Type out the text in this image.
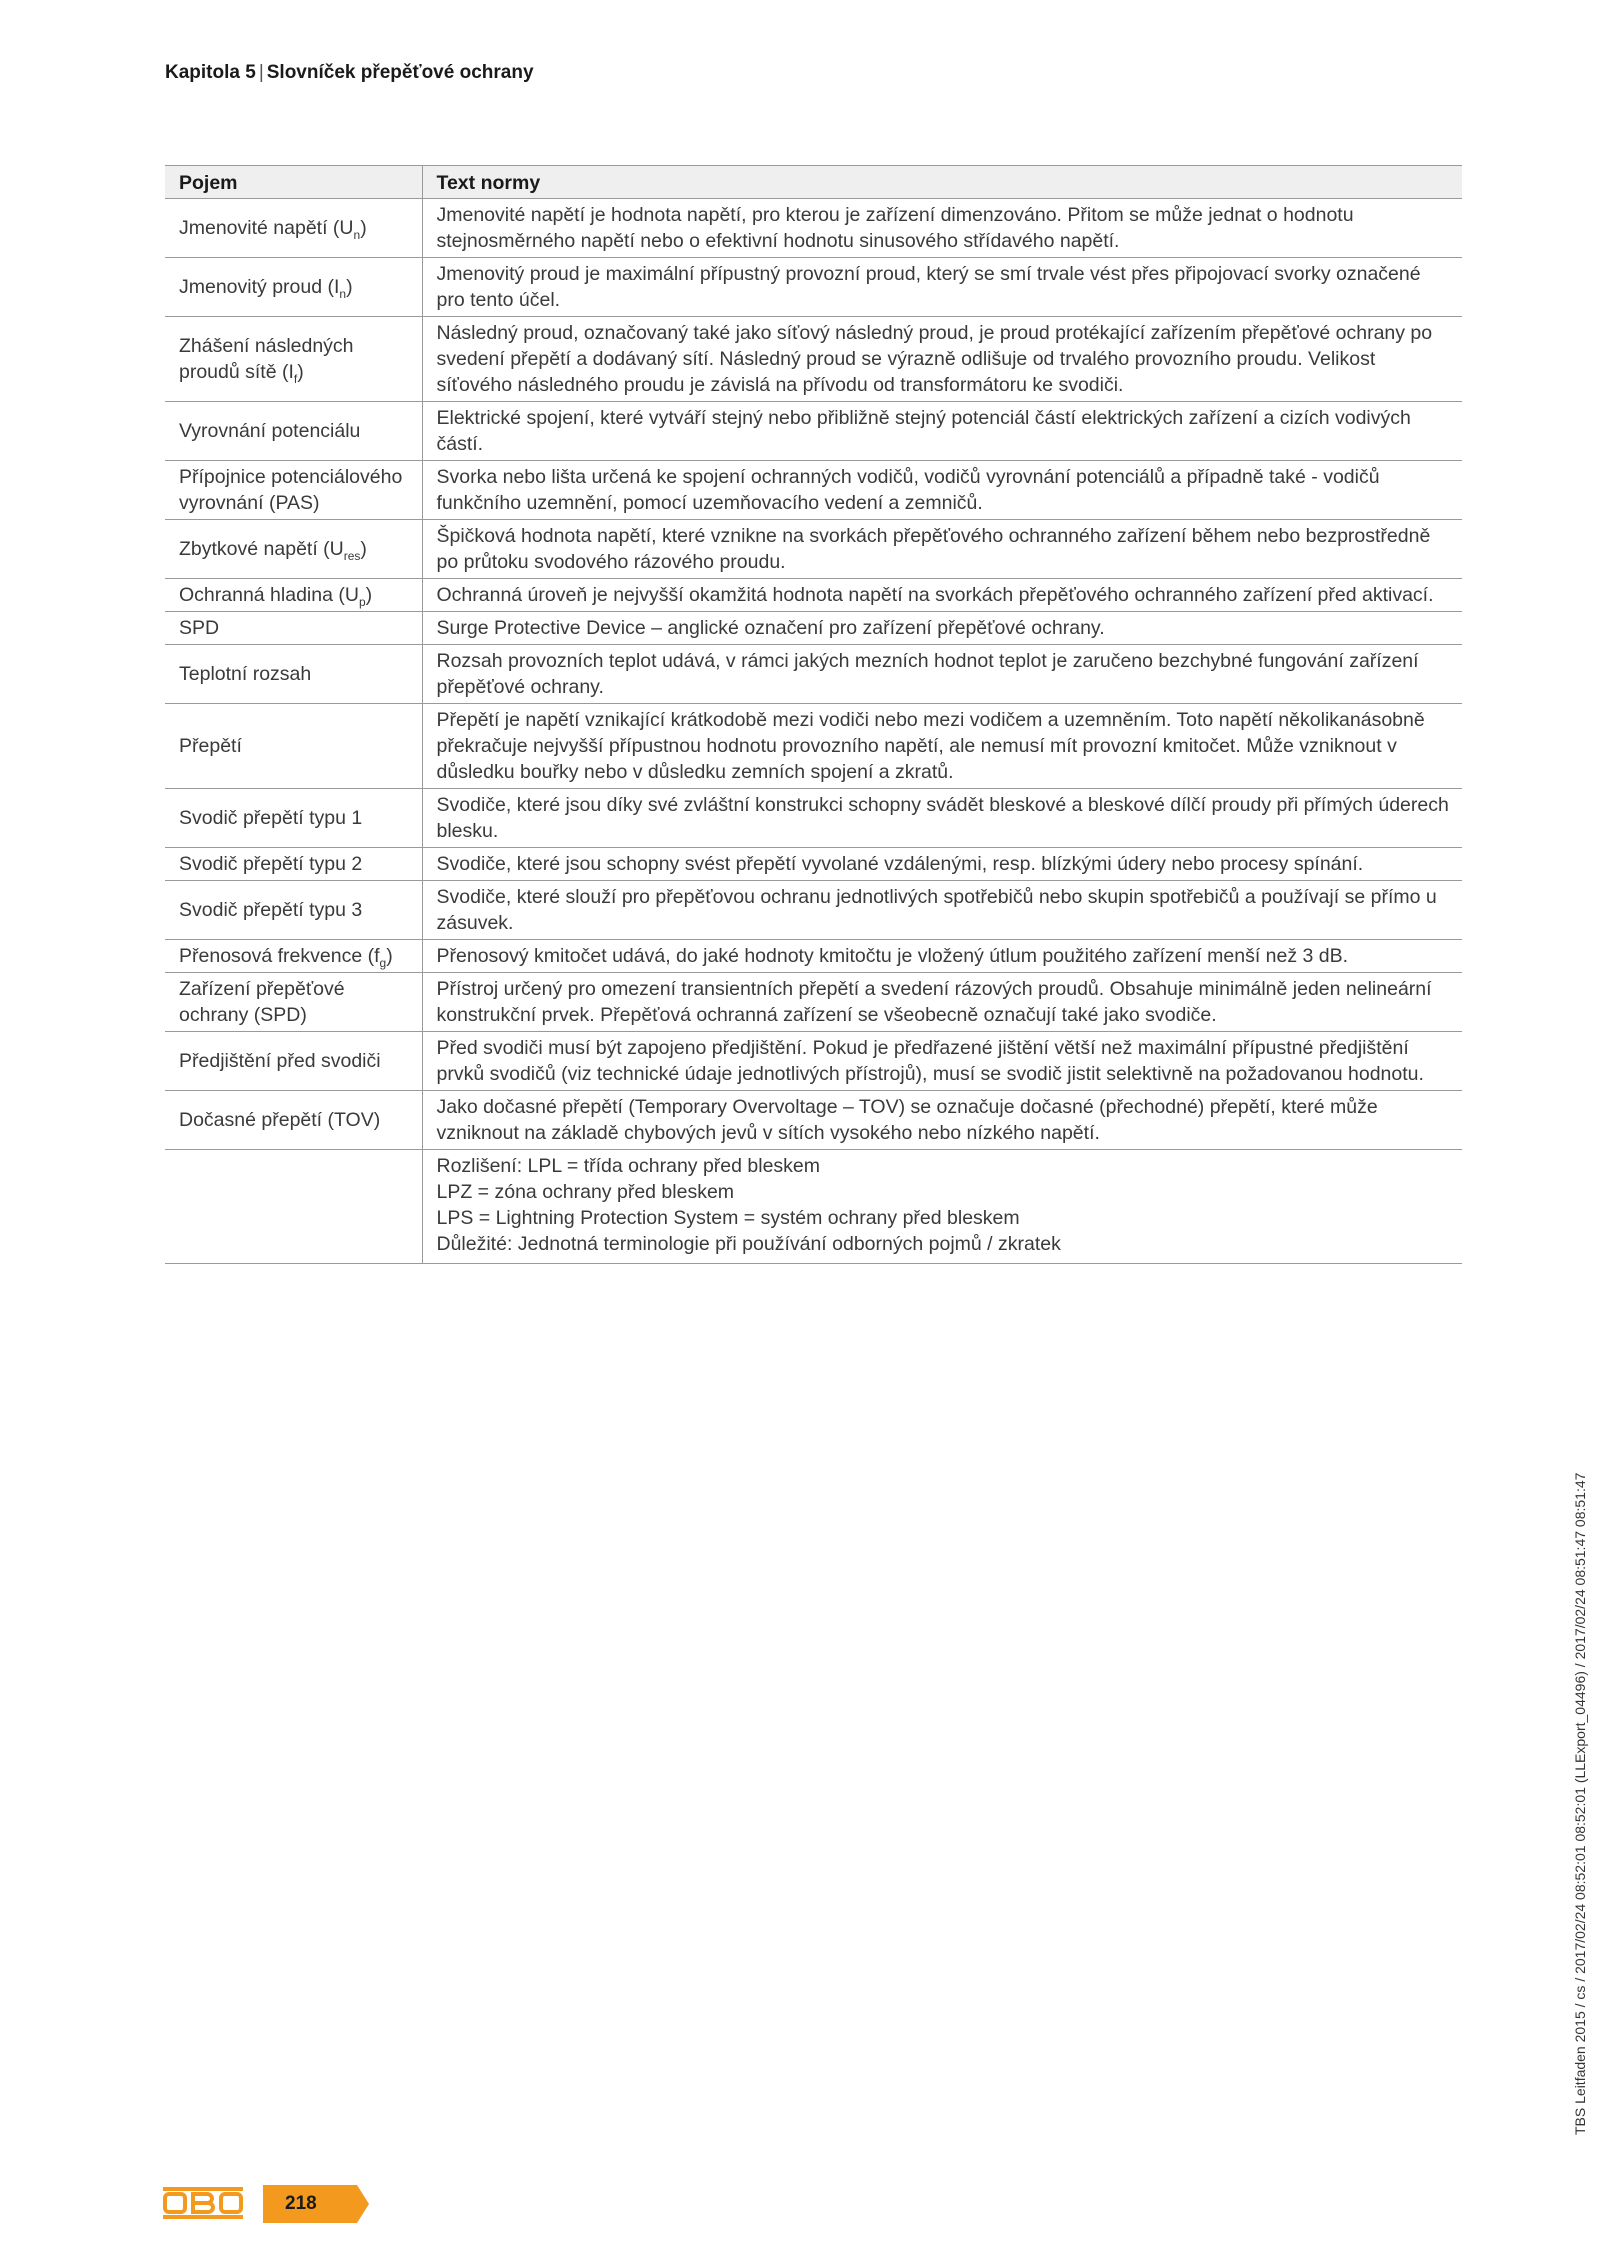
Kapitola 5 | Slovníček přepěťové ochrany
Pojem	Text normy
Jmenovité napětí $(U_n)$	Jmenovité napětí je hodnota napětí, pro kterou je zařízení dimenzováno. Přitom se může jednat o hodnotu stejnosměrného napětí nebo o efektivní hodnotu sinusového střídavého napětí.
Jmenovitý proud $(I_n)$	Jmenovitý proud je maximální přípustný provozní proud, který se smí trvale vést přes připojovací svorky označené pro tento účel.
Zhášení následných proudů sítě $(I_f)$	Následný proud, označovaný také jako síťový následný proud, je proud protékající zařízením přepěťové ochrany po svedení přepětí a dodávaný sítí. Následný proud se výrazně odlišuje od trvalého provozního proudu. Velikost síťového následného proudu je závislá na přívodu od transformátoru ke svodiči.
Vyrovnání potenciálu	Elektrické spojení, které vytváří stejný nebo přibližně stejný potenciál částí elektrických zařízení a cizích vodivých částí.
Přípojnice potenciálového vyrovnání (PAS)	Svorka nebo lišta určená ke spojení ochranných vodičů, vodičů vyrovnání potenciálů a případně také - vodičů funkčního uzemnění, pomocí uzemňovacího vedení a zemničů.
Zbytkové napětí $(U_{res})$	Špičková hodnota napětí, které vznikne na svorkách přepěťového ochranného zařízení během nebo bezprostředně po průtoku svodového rázového proudu.
Ochranná hladina $(U_p)$	Ochranná úroveň je nejvyšší okamžitá hodnota napětí na svorkách přepěťového ochranného zařízení před aktivací.
SPD	Surge Protective Device – anglické označení pro zařízení přepěťové ochrany.
Teplotní rozsah	Rozsah provozních teplot udává, v rámci jakých mezních hodnot teplot je zaručeno bezchybné fungování zařízení přepěťové ochrany.
Přepětí	Přepětí je napětí vznikající krátkodobě mezi vodiči nebo mezi vodičem a uzemněním. Toto napětí několikanásobně překračuje nejvyšší přípustnou hodnotu provozního napětí, ale nemusí mít provozní kmitočet. Může vzniknout v důsledku bouřky nebo v důsledku zemních spojení a zkratů.
Svodič přepětí typu 1	Svodiče, které jsou díky své zvláštní konstrukci schopny svádět bleskové a bleskové dílčí proudy při přímých úderech blesku.
Svodič přepětí typu 2	Svodiče, které jsou schopny svést přepětí vyvolané vzdálenými, resp. blízkými údery nebo procesy spínání.
Svodič přepětí typu 3	Svodiče, které slouží pro přepěťovou ochranu jednotlivých spotřebičů nebo skupin spotřebičů a používají se přímo u zásuvek.
Přenosová frekvence $(f_g)$	Přenosový kmitočet udává, do jaké hodnoty kmitočtu je vložený útlum použitého zařízení menší než 3 dB.
Zařízení přepěťové ochrany (SPD)	Přístroj určený pro omezení transientních přepětí a svedení rázových proudů. Obsahuje minimálně jeden nelineární konstrukční prvek. Přepěťová ochranná zařízení se všeobecně označují také jako svodiče.
Předjištění před svodiči	Před svodiči musí být zapojeno předjištění. Pokud je předřazené jištění větší než maximální přípustné předjištění prvků svodičů (viz technické údaje jednotlivých přístrojů), musí se svodič jistit selektivně na požadovanou hodnotu.
Dočasné přepětí (TOV)	Jako dočasné přepětí (Temporary Overvoltage – TOV) se označuje dočasné (přechodné) přepětí, které může vzniknout na základě chybových jevů v sítích vysokého nebo nízkého napětí.

	Rozlišení: LPL = třída ochrany před bleskem
LPZ = zóna ochrany před bleskem
LPS = Lightning Protection System = systém ochrany před bleskem
Důležité: Jednotná terminologie při používání odborných pojmů / zkratek
TBS Leitfaden 2015 / cs / 2017/02/24 08:52:01 08:52:01 (LLExport_04496) / 2017/02/24 08:51:47 08:51:47
218
